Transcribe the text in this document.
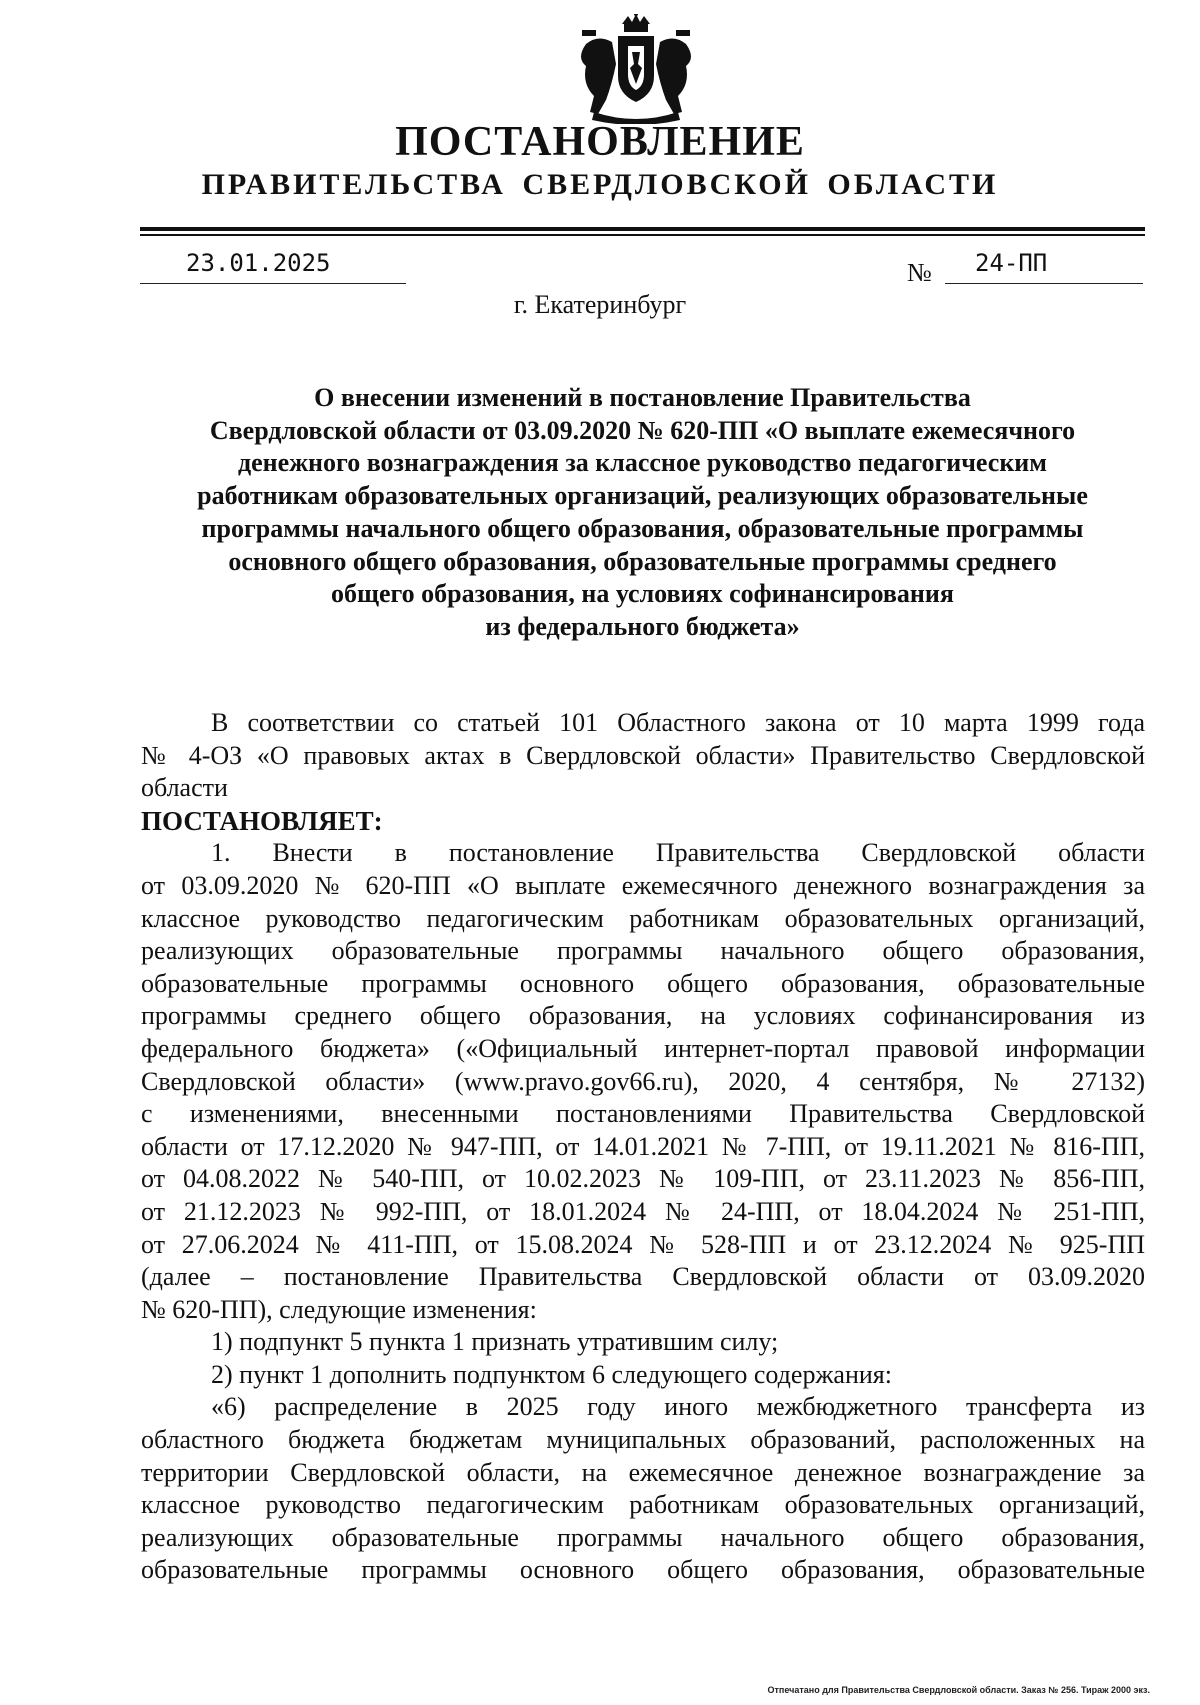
ПОСТАНОВЛЕНИЕ
ПРАВИТЕЛЬСТВА СВЕРДЛОВСКОЙ ОБЛАСТИ
23.01.2025	№ 24-ПП
г. Екатеринбург
О внесении изменений в постановление Правительства
Свердловской области от 03.09.2020 № 620-ПП «О выплате ежемесячного
денежного вознаграждения за классное руководство педагогическим
работникам образовательных организаций, реализующих образовательные
программы начального общего образования, образовательные программы
основного общего образования, образовательные программы среднего
общего образования, на условиях софинансирования
из федерального бюджета»
В соответствии со статьей 101 Областного закона от 10 марта 1999 года
№ 4-ОЗ «О правовых актах в Свердловской области» Правительство Свердловской
области
ПОСТАНОВЛЯЕТ:
1. Внести в постановление Правительства Свердловской области
от 03.09.2020 № 620-ПП «О выплате ежемесячного денежного вознаграждения за
классное руководство педагогическим работникам образовательных организаций,
реализующих образовательные программы начального общего образования,
образовательные программы основного общего образования, образовательные
программы среднего общего образования, на условиях софинансирования из
федерального бюджета» («Официальный интернет-портал правовой информации
Свердловской области» (www.pravo.gov66.ru), 2020, 4 сентября, № 27132)
с изменениями, внесенными постановлениями Правительства Свердловской
области от 17.12.2020 № 947-ПП, от 14.01.2021 № 7-ПП, от 19.11.2021 № 816-ПП,
от 04.08.2022 № 540-ПП, от 10.02.2023 № 109-ПП, от 23.11.2023 № 856-ПП,
от 21.12.2023 № 992-ПП, от 18.01.2024 № 24-ПП, от 18.04.2024 № 251-ПП,
от 27.06.2024 № 411-ПП, от 15.08.2024 № 528-ПП и от 23.12.2024 № 925-ПП
(далее – постановление Правительства Свердловской области от 03.09.2020
№ 620-ПП), следующие изменения:
1) подпункт 5 пункта 1 признать утратившим силу;
2) пункт 1 дополнить подпунктом 6 следующего содержания:
«6) распределение в 2025 году иного межбюджетного трансферта из
областного бюджета бюджетам муниципальных образований, расположенных на
территории Свердловской области, на ежемесячное денежное вознаграждение за
классное руководство педагогическим работникам образовательных организаций,
реализующих образовательные программы начального общего образования,
образовательные программы основного общего образования, образовательные
Отпечатано для Правительства Свердловской области. Заказ № 256. Тираж 2000 экз.
